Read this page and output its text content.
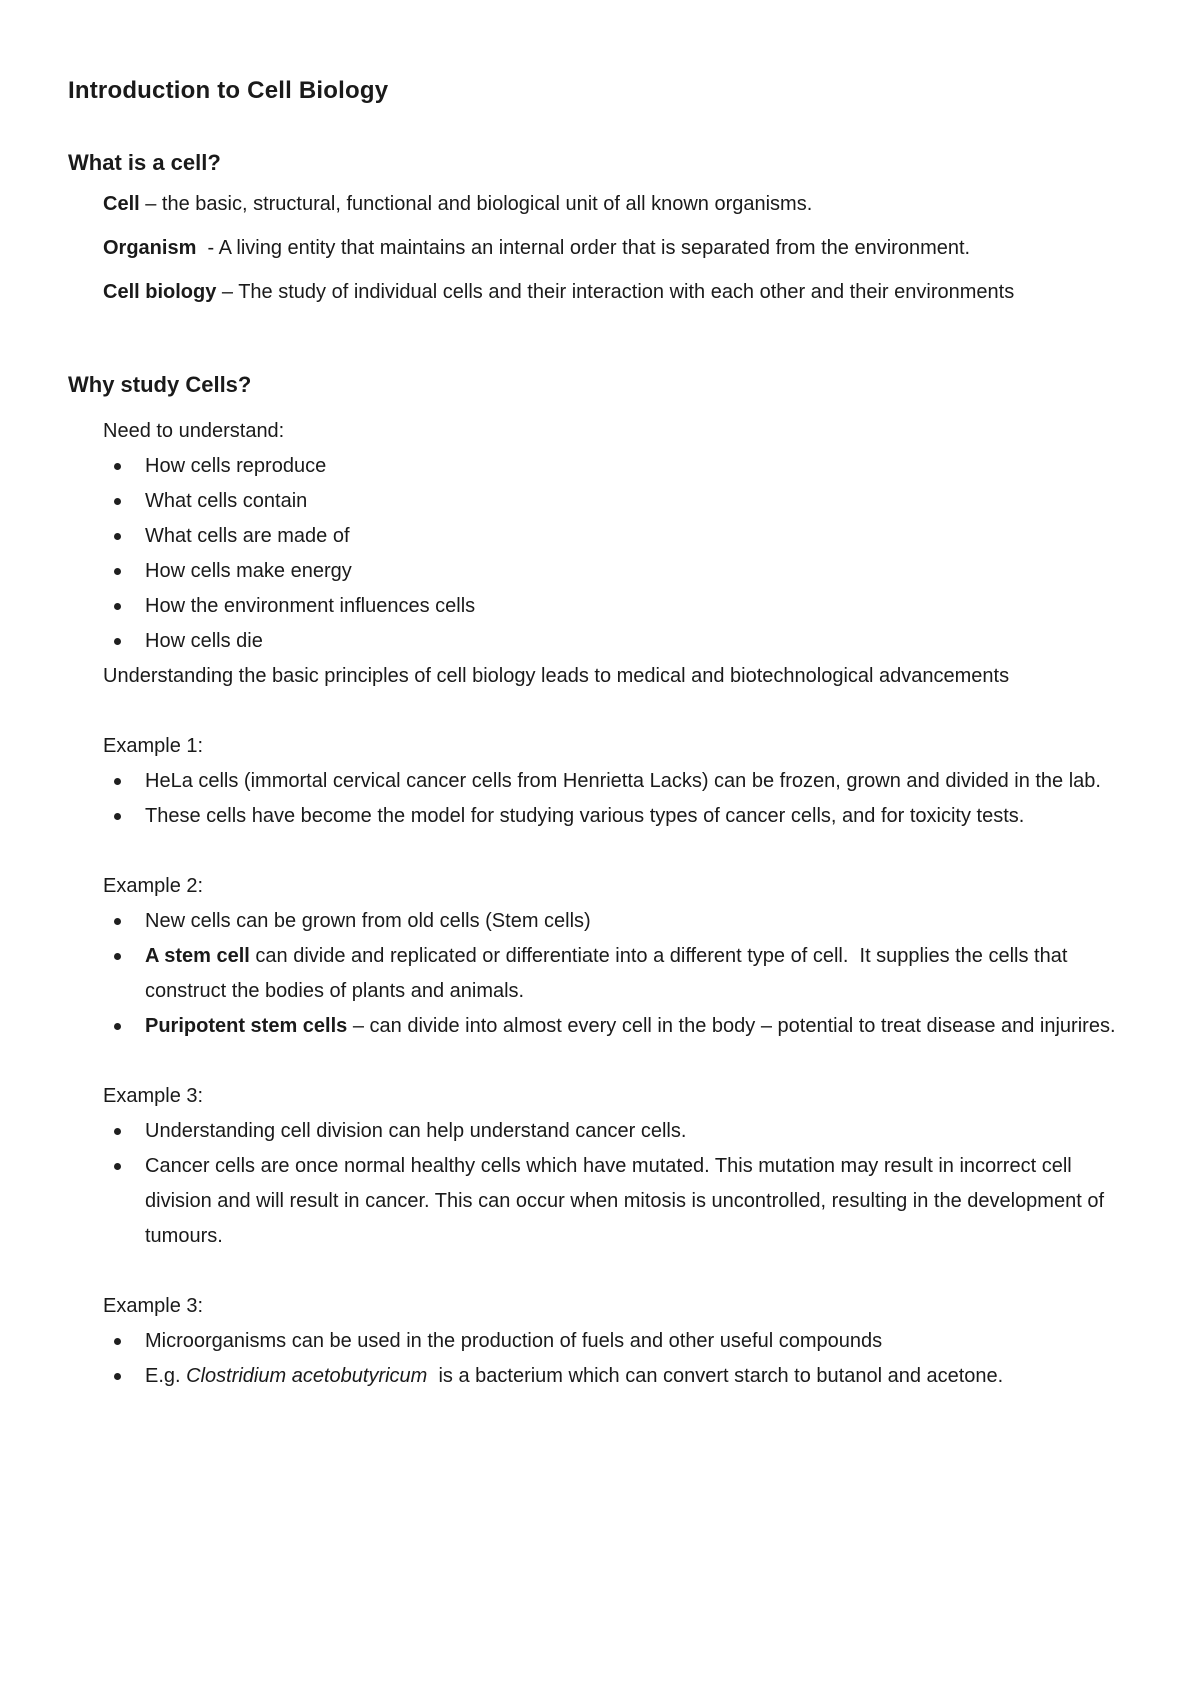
Introduction to Cell Biology
What is a cell?

Cell – the basic, structural, functional and biological unit of all known organisms.

Organism  - A living entity that maintains an internal order that is separated from the environment.

Cell biology – The study of individual cells and their interaction with each other and their environments

Why study Cells?

Need to understand:

How cells reproduce
What cells contain
What cells are made of
How cells make energy
How the environment influences cells
How cells die

Understanding the basic principles of cell biology leads to medical and biotechnological advancements

Example 1:

HeLa cells (immortal cervical cancer cells from Henrietta Lacks) can be frozen, grown and divided in the lab.
These cells have become the model for studying various types of cancer cells, and for toxicity tests.

Example 2:

New cells can be grown from old cells (Stem cells)
A stem cell can divide and replicated or differentiate into a different type of cell.  It supplies the cells that construct the bodies of plants and animals.
Puripotent stem cells – can divide into almost every cell in the body – potential to treat disease and injurires.

Example 3:

Understanding cell division can help understand cancer cells.
Cancer cells are once normal healthy cells which have mutated. This mutation may result in incorrect cell division and will result in cancer. This can occur when mitosis is uncontrolled, resulting in the development of tumours.

Example 3:

Microorganisms can be used in the production of fuels and other useful compounds
E.g. Clostridium acetobutyricum  is a bacterium which can convert starch to butanol and acetone.
